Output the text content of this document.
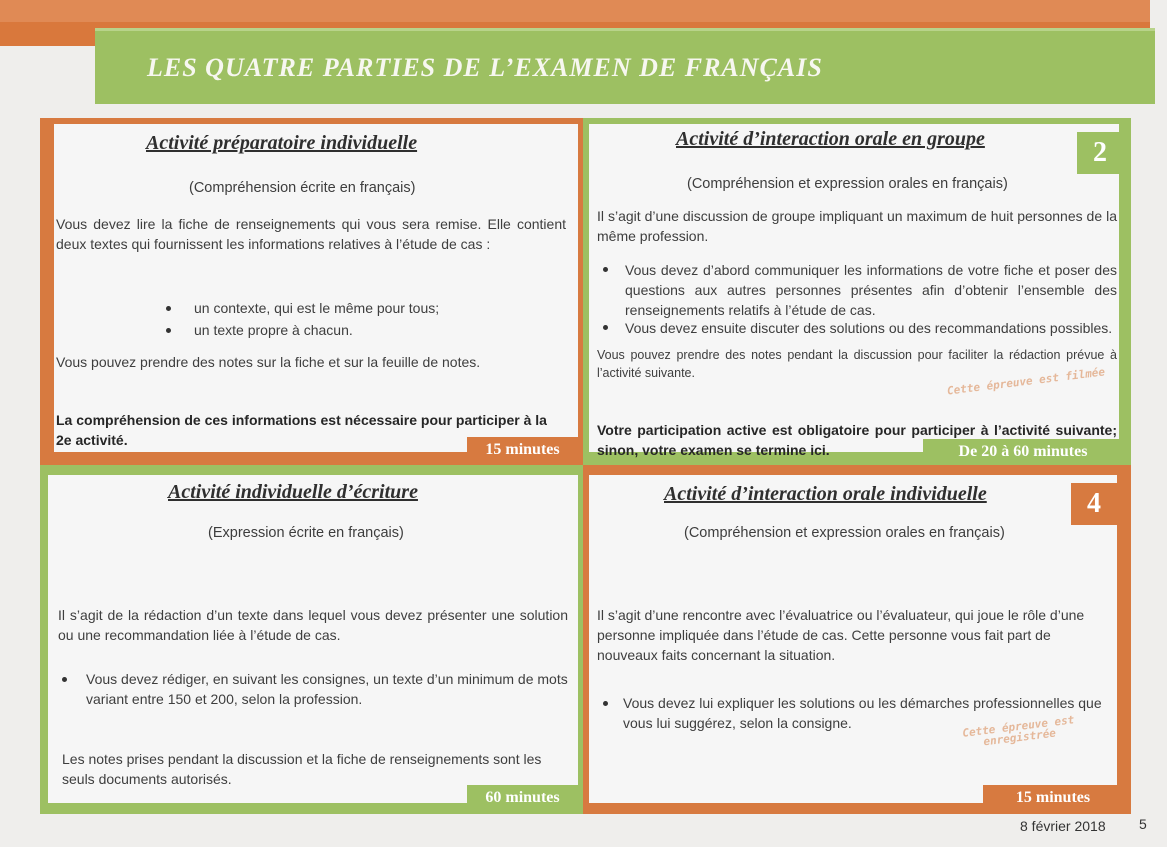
LES QUATRE PARTIES DE L’EXAMEN DE FRANÇAIS
Activité préparatoire individuelle
(Compréhension écrite en français)
Vous devez lire la fiche de renseignements qui vous sera remise. Elle contient deux textes qui fournissent les informations relatives à l’étude de cas :
un contexte, qui est le même pour tous;
un texte propre à chacun.
Vous pouvez prendre des notes sur la fiche et sur la feuille de notes.
La compréhension de ces informations est nécessaire pour participer à la 2e activité.
15 minutes
Activité d’interaction orale en groupe
(Compréhension et expression orales en français)
Il s’agit d’une discussion de groupe impliquant un maximum de huit personnes de la même profession.
Vous devez d’abord communiquer les informations de votre fiche et poser des questions aux autres personnes présentes afin d’obtenir l’ensemble des renseignements relatifs à l’étude de cas.
Vous devez ensuite discuter des solutions ou des recommandations possibles.
Vous pouvez prendre des notes pendant la discussion pour faciliter la rédaction prévue à l’activité suivante.	Cette épreuve est filmée
Votre participation active est obligatoire pour participer à l’activité suivante; sinon, votre examen se termine ici.
2
De 20 à 60 minutes
Activité individuelle d’écriture
(Expression écrite en français)
Il s’agit de la rédaction d’un texte dans lequel vous devez présenter une solution ou une recommandation liée à l’étude de cas.
Vous devez rédiger, en suivant les consignes, un texte d’un minimum de mots variant entre 150 et 200, selon la profession.
Les notes prises pendant la discussion et la fiche de renseignements sont les seuls documents autorisés.
60 minutes
Activité d’interaction orale individuelle
(Compréhension et expression orales en français)
Il s’agit d’une rencontre avec l’évaluatrice ou l’évaluateur, qui joue le rôle d’une personne impliquée dans l’étude de cas. Cette personne vous fait part de nouveaux faits concernant la situation.
Vous devez lui expliquer les solutions ou les démarches professionnelles que vous lui suggérez, selon la consigne.	Cette épreuve est enregistrée
4
15 minutes
8 février 2018 5
